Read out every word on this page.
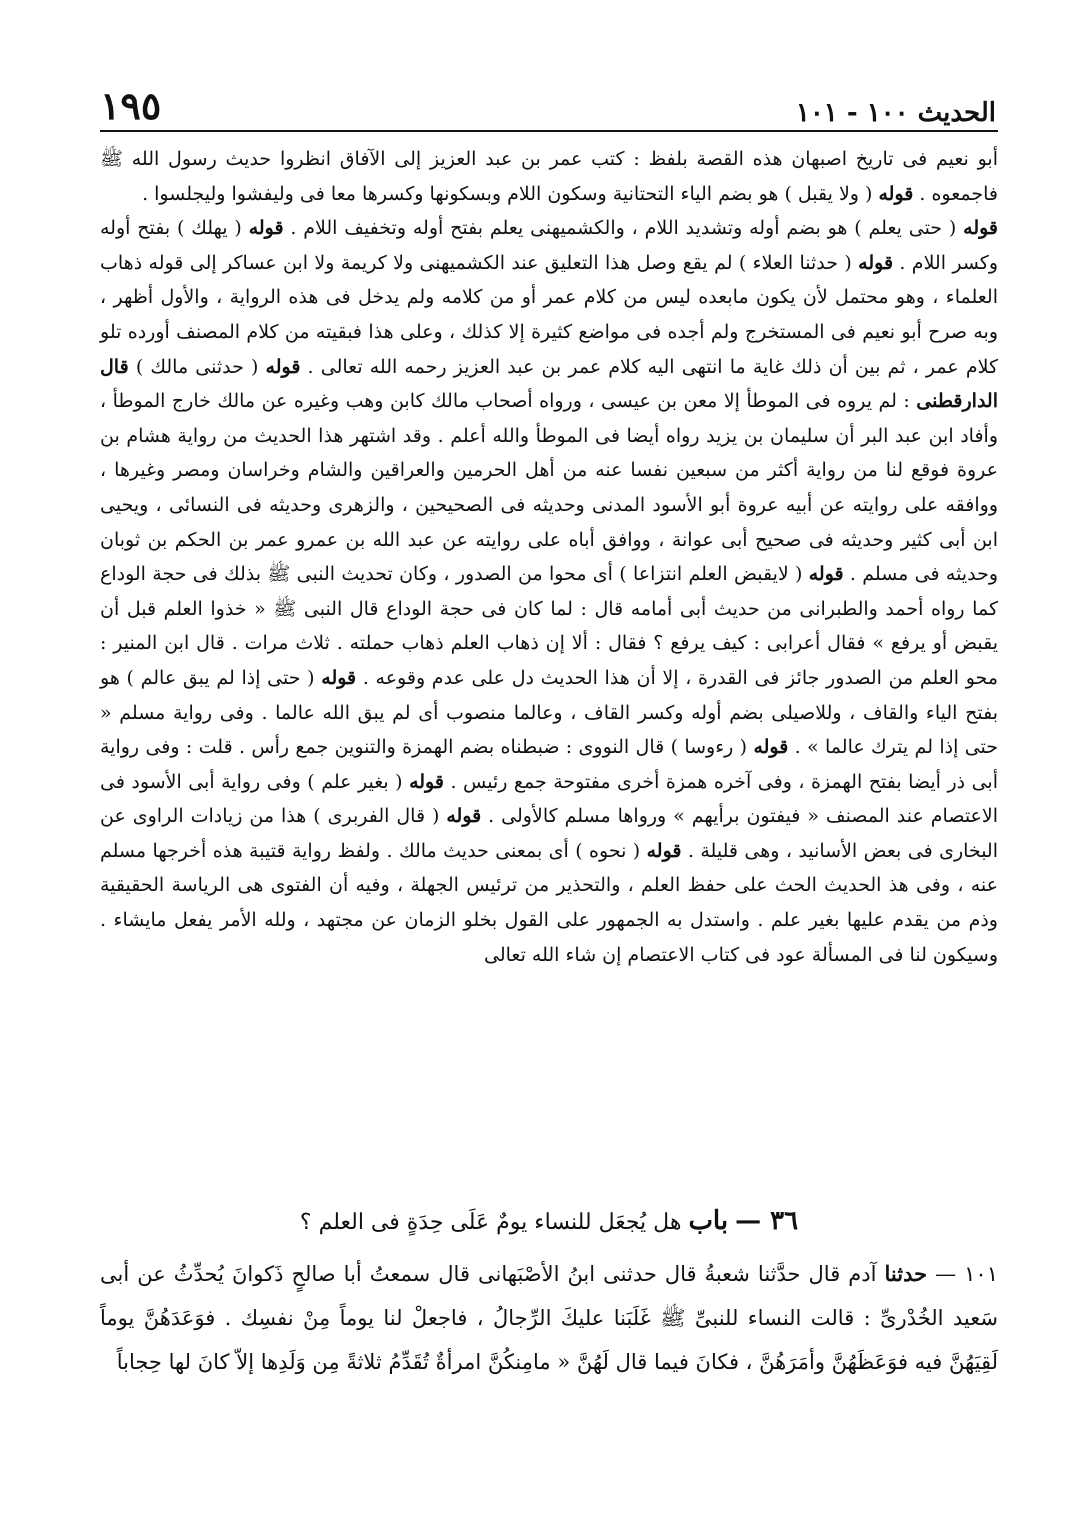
الحديث ١٠٠ - ١٠١
١٩٥

أبو نعيم فى تاريخ اصبهان هذه القصة بلفظ : كتب عمر بن عبد العزيز إلى الآفاق انظروا حديث رسول الله ﷺ فاجمعوه . قوله ( ولا يقبل ) هو بضم الياء التحتانية وسكون اللام وبسكونها وكسرها معا فى وليفشوا وليجلسوا .

قوله ( حتى يعلم ) هو بضم أوله وتشديد اللام ، والكشميهنى يعلم بفتح أوله وتخفيف اللام . قوله ( يهلك ) بفتح أوله وكسر اللام . قوله ( حدثنا العلاء ) لم يقع وصل هذا التعليق عند الكشميهنى ولا كريمة ولا ابن عساكر إلى قوله ذهاب العلماء ، وهو محتمل لأن يكون مابعده ليس من كلام عمر أو من كلامه ولم يدخل فى هذه الرواية ، والأول أظهر ، وبه صرح أبو نعيم فى المستخرج ولم أجده فى مواضع كثيرة إلا كذلك ، وعلى هذا فبقيته من كلام المصنف أورده تلو كلام عمر ، ثم بين أن ذلك غاية ما انتهى اليه كلام عمر بن عبد العزيز رحمه الله تعالى . قوله ( حدثنى مالك ) قال الدارقطنى : لم يروه فى الموطأ إلا معن بن عيسى ، ورواه أصحاب مالك كابن وهب وغيره عن مالك خارج الموطأ ، وأفاد ابن عبد البر أن سليمان بن يزيد رواه أيضا فى الموطأ والله أعلم . وقد اشتهر هذا الحديث من رواية هشام بن عروة فوقع لنا من رواية أكثر من سبعين نفسا عنه من أهل الحرمين والعراقين والشام وخراسان ومصر وغيرها ، ووافقه على روايته عن أبيه عروة أبو الأسود المدنى وحديثه فى الصحيحين ، والزهرى وحديثه فى النسائى ، ويحيى ابن أبى كثير وحديثه فى صحيح أبى عوانة ، ووافق أباه على روايته عن عبد الله بن عمرو عمر بن الحكم بن ثوبان وحديثه فى مسلم . قوله ( لايقبض العلم انتزاعا ) أى محوا من الصدور ، وكان تحديث النبى ﷺ بذلك فى حجة الوداع كما رواه أحمد والطبرانى من حديث أبى أمامه قال : لما كان فى حجة الوداع قال النبى ﷺ « خذوا العلم قبل أن يقبض أو يرفع » فقال أعرابى : كيف يرفع ؟ فقال : ألا إن ذهاب العلم ذهاب حملته . ثلاث مرات . قال ابن المنير : محو العلم من الصدور جائز فى القدرة ، إلا أن هذا الحديث دل على عدم وقوعه . قوله ( حتى إذا لم يبق عالم ) هو بفتح الياء والقاف ، وللاصيلى بضم أوله وكسر القاف ، وعالما منصوب أى لم يبق الله عالما . وفى رواية مسلم « حتى إذا لم يترك عالما » . قوله ( رءوسا ) قال النووى : ضبطناه بضم الهمزة والتنوين جمع رأس . قلت : وفى رواية أبى ذر أيضا بفتح الهمزة ، وفى آخره همزة أخرى مفتوحة جمع رئيس . قوله ( بغير علم ) وفى رواية أبى الأسود فى الاعتصام عند المصنف « فيفتون برأيهم » ورواها مسلم كالأولى . قوله ( قال الفربرى ) هذا من زيادات الراوى عن البخارى فى بعض الأسانيد ، وهى قليلة . قوله ( نحوه ) أى بمعنى حديث مالك . ولفظ رواية قتيبة هذه أخرجها مسلم عنه ، وفى هذ الحديث الحث على حفظ العلم ، والتحذير من ترئيس الجهلة ، وفيه أن الفتوى هى الرياسة الحقيقية وذم من يقدم عليها بغير علم . واستدل به الجمهور على القول بخلو الزمان عن مجتهد ، ولله الأمر يفعل مايشاء . وسيكون لنا فى المسألة عود فى كتاب الاعتصام إن شاء الله تعالى

٣٦ — باب هل يُجعَل للنساء يومٌ عَلَى حِدَةٍ فى العلم ؟

١٠١ — حدثنا آدم قال حدَّثنا شعبةُ قال حدثنى ابنُ الأصْبَهانى قال سمعتُ أبا صالحٍ ذَكوانَ يُحدِّثُ عن أبى سَعيد الخُدْرىِّ : قالت النساء للنبىِّ ﷺ غَلَبَنا عليكَ الرِّجالُ ، فاجعلْ لنا يوماً مِنْ نفسِك . فوَعَدَهُنَّ يوماً لَقِيَهُنَّ فيه فوَعَظَهُنَّ وأمَرَهُنَّ ، فكانَ فيما قال لَهُنَّ « مامِنكُنَّ امرأةٌ تُقَدِّمُ ثلاثةً مِن وَلَدِها إلاّ كانَ لها حِجاباً
